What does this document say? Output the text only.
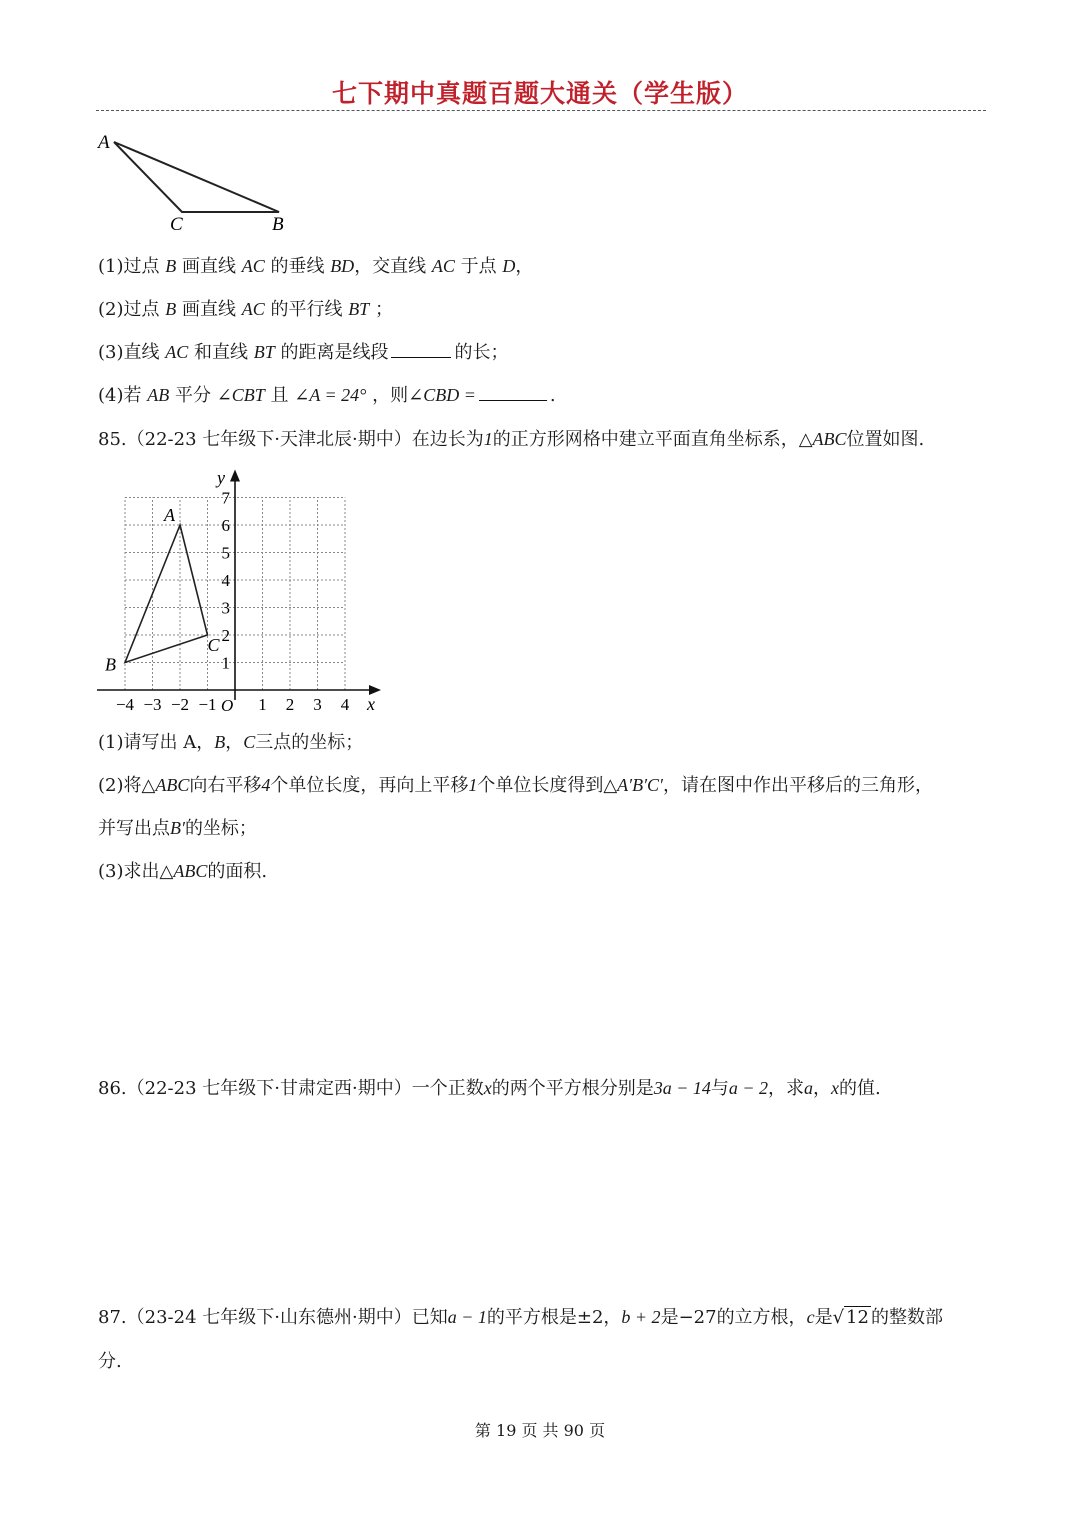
七下期中真题百题大通关（学生版）
A
C	B
(1)过点 B 画直线 AC 的垂线 BD，交直线 AC 于点 D，
(2)过点 B 画直线 AC 的平行线 BT ；
(3)直线 AC 和直线 BT 的距离是线段	的长；
(4)若 AB 平分 ∠CBT 且 ∠A = 24° ，则∠CBD =	.
85.（22-23 七年级下·天津北辰·期中）在边长为1的正方形网格中建立平面直角坐标系，△ABC位置如图.
x
y
O
−4 −3 −2 −1 1 2 3 4
1
2
3
4
5
6
7
A
B
C
(1)请写出 A，B，C三点的坐标；
(2)将△ABC向右平移4个单位长度，再向上平移1个单位长度得到△A′B′C′，请在图中作出平移后的三角形，
并写出点B′的坐标；
(3)求出△ABC的面积.
86.（22-23 七年级下·甘肃定西·期中）一个正数x的两个平方根分别是3a − 14与a − 2，求a，x的值.
87.（23-24 七年级下·山东德州·期中）已知a − 1的平方根是±2，b + 2是−27的立方根，c是√ 12 的整数部
分.
第 19 页 共 90 页
